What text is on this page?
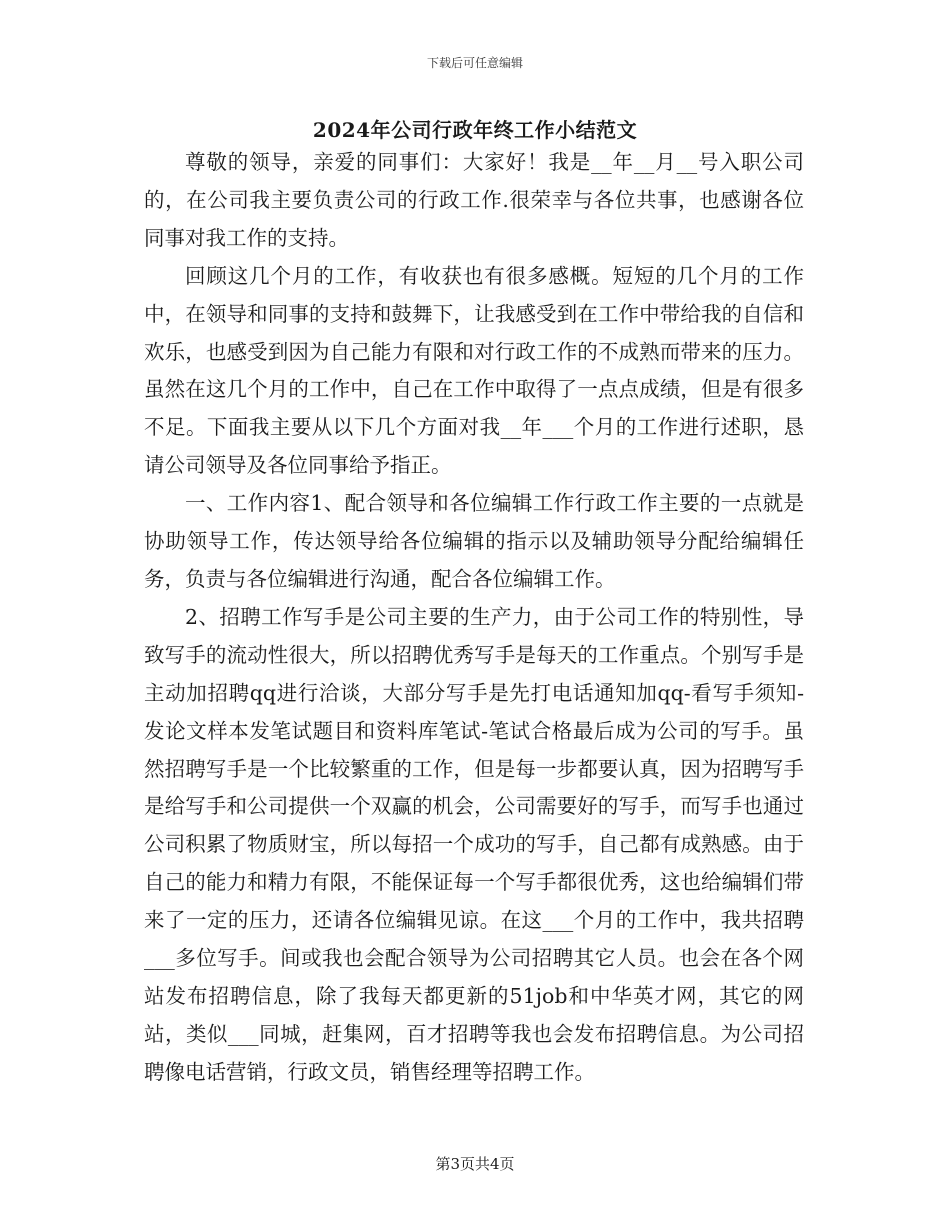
下载后可任意编辑
2024年公司行政年终工作小结范文

尊敬的领导，亲爱的同事们：大家好！我是__年__月__号入职公司的，在公司我主要负责公司的行政工作.很荣幸与各位共事，也感谢各位同事对我工作的支持。

回顾这几个月的工作，有收获也有很多感概。短短的几个月的工作中，在领导和同事的支持和鼓舞下，让我感受到在工作中带给我的自信和欢乐，也感受到因为自己能力有限和对行政工作的不成熟而带来的压力。虽然在这几个月的工作中，自己在工作中取得了一点点成绩，但是有很多不足。下面我主要从以下几个方面对我__年___个月的工作进行述职，恳请公司领导及各位同事给予指正。

一、工作内容1、配合领导和各位编辑工作行政工作主要的一点就是协助领导工作，传达领导给各位编辑的指示以及辅助领导分配给编辑任务，负责与各位编辑进行沟通，配合各位编辑工作。

2、招聘工作写手是公司主要的生产力，由于公司工作的特别性，导致写手的流动性很大，所以招聘优秀写手是每天的工作重点。个别写手是主动加招聘qq进行洽谈，大部分写手是先打电话通知加qq-看写手须知-发论文样本发笔试题目和资料库笔试-笔试合格最后成为公司的写手。虽然招聘写手是一个比较繁重的工作，但是每一步都要认真，因为招聘写手是给写手和公司提供一个双赢的机会，公司需要好的写手，而写手也通过公司积累了物质财宝，所以每招一个成功的写手，自己都有成熟感。由于自己的能力和精力有限，不能保证每一个写手都很优秀，这也给编辑们带来了一定的压力，还请各位编辑见谅。在这___个月的工作中，我共招聘___多位写手。间或我也会配合领导为公司招聘其它人员。也会在各个网站发布招聘信息，除了我每天都更新的51job和中华英才网，其它的网站，类似___同城，赶集网，百才招聘等我也会发布招聘信息。为公司招聘像电话营销，行政文员，销售经理等招聘工作。

第3页共4页
